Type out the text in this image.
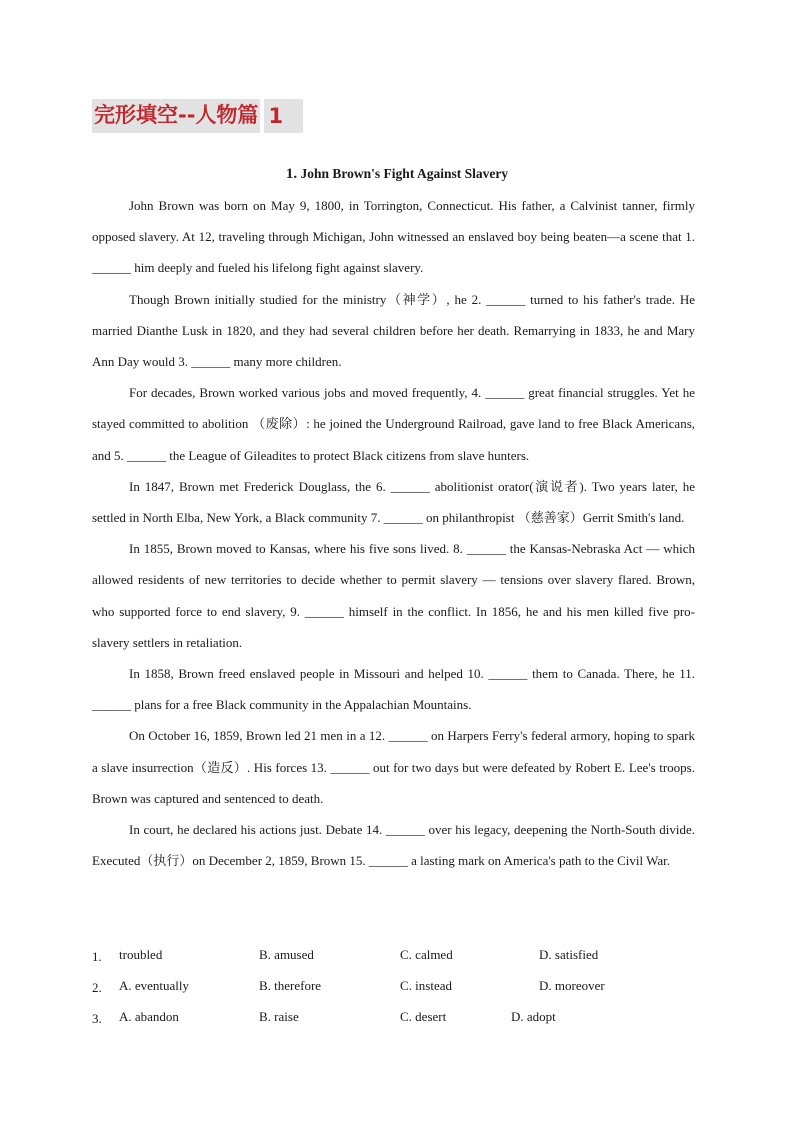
完形填空--人物篇 1
1. John Brown's Fight Against Slavery

John Brown was born on May 9, 1800, in Torrington, Connecticut. His father, a Calvinist tanner, firmly opposed slavery. At 12, traveling through Michigan, John witnessed an enslaved boy being beaten—a scene that 1. ______ him deeply and fueled his lifelong fight against slavery.

Though Brown initially studied for the ministry（神学）, he 2. ______ turned to his father's trade. He married Dianthe Lusk in 1820, and they had several children before her death. Remarrying in 1833, he and Mary Ann Day would 3. ______ many more children.

For decades, Brown worked various jobs and moved frequently, 4. ______ great financial struggles. Yet he stayed committed to abolition （废除）: he joined the Underground Railroad, gave land to free Black Americans, and 5. ______ the League of Gileadites to protect Black citizens from slave hunters.

In 1847, Brown met Frederick Douglass, the 6. ______ abolitionist orator(演说者). Two years later, he settled in North Elba, New York, a Black community 7. ______ on philanthropist （慈善家）Gerrit Smith's land.

In 1855, Brown moved to Kansas, where his five sons lived. 8. ______ the Kansas-Nebraska Act — which allowed residents of new territories to decide whether to permit slavery — tensions over slavery flared. Brown, who supported force to end slavery, 9. ______ himself in the conflict. In 1856, he and his men killed five pro-slavery settlers in retaliation.

In 1858, Brown freed enslaved people in Missouri and helped 10. ______ them to Canada. There, he 11. ______ plans for a free Black community in the Appalachian Mountains.

On October 16, 1859, Brown led 21 men in a 12. ______ on Harpers Ferry's federal armory, hoping to spark a slave insurrection（造反）. His forces 13. ______ out for two days but were defeated by Robert E. Lee's troops. Brown was captured and sentenced to death.

In court, he declared his actions just. Debate 14. ______ over his legacy, deepening the North-South divide. Executed（执行）on December 2, 1859, Brown 15. ______ a lasting mark on America's path to the Civil War.

1. troubled	B. amused	C. calmed	D. satisfied
2. A. eventually	B. therefore	C. instead	D. moreover
3. A. abandon	B. raise	C. desert	D. adopt
